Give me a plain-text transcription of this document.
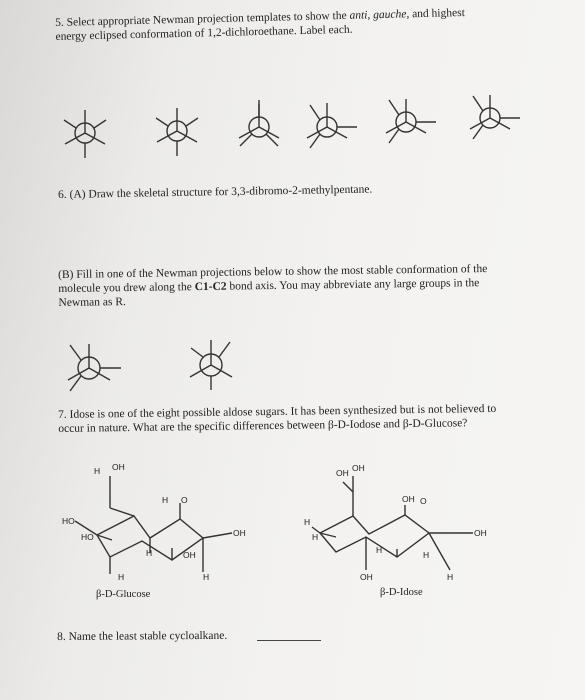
5. Select appropriate Newman projection templates to show the anti, gauche, and highest
energy eclipsed conformation of 1,2-dichloroethane. Label each.
6. (A) Draw the skeletal structure for 3,3-dibromo-2-methylpentane.
(B) Fill in one of the Newman projections below to show the most stable conformation of the
molecule you drew along the C1-C2 bond axis. You may abbreviate any large groups in the
Newman as R.
7. Idose is one of the eight possible aldose sugars. It has been synthesized but is not believed to
occur in nature. What are the specific differences between β-D-Iodose and β-D-Glucose?
H OH
HO
HO
H O
OH
H	OH
H	H
β-D-Glucose
OH OH
H
H
OH O
OH
H	H
OH	H
β-D-Idose
8. Name the least stable cycloalkane.
